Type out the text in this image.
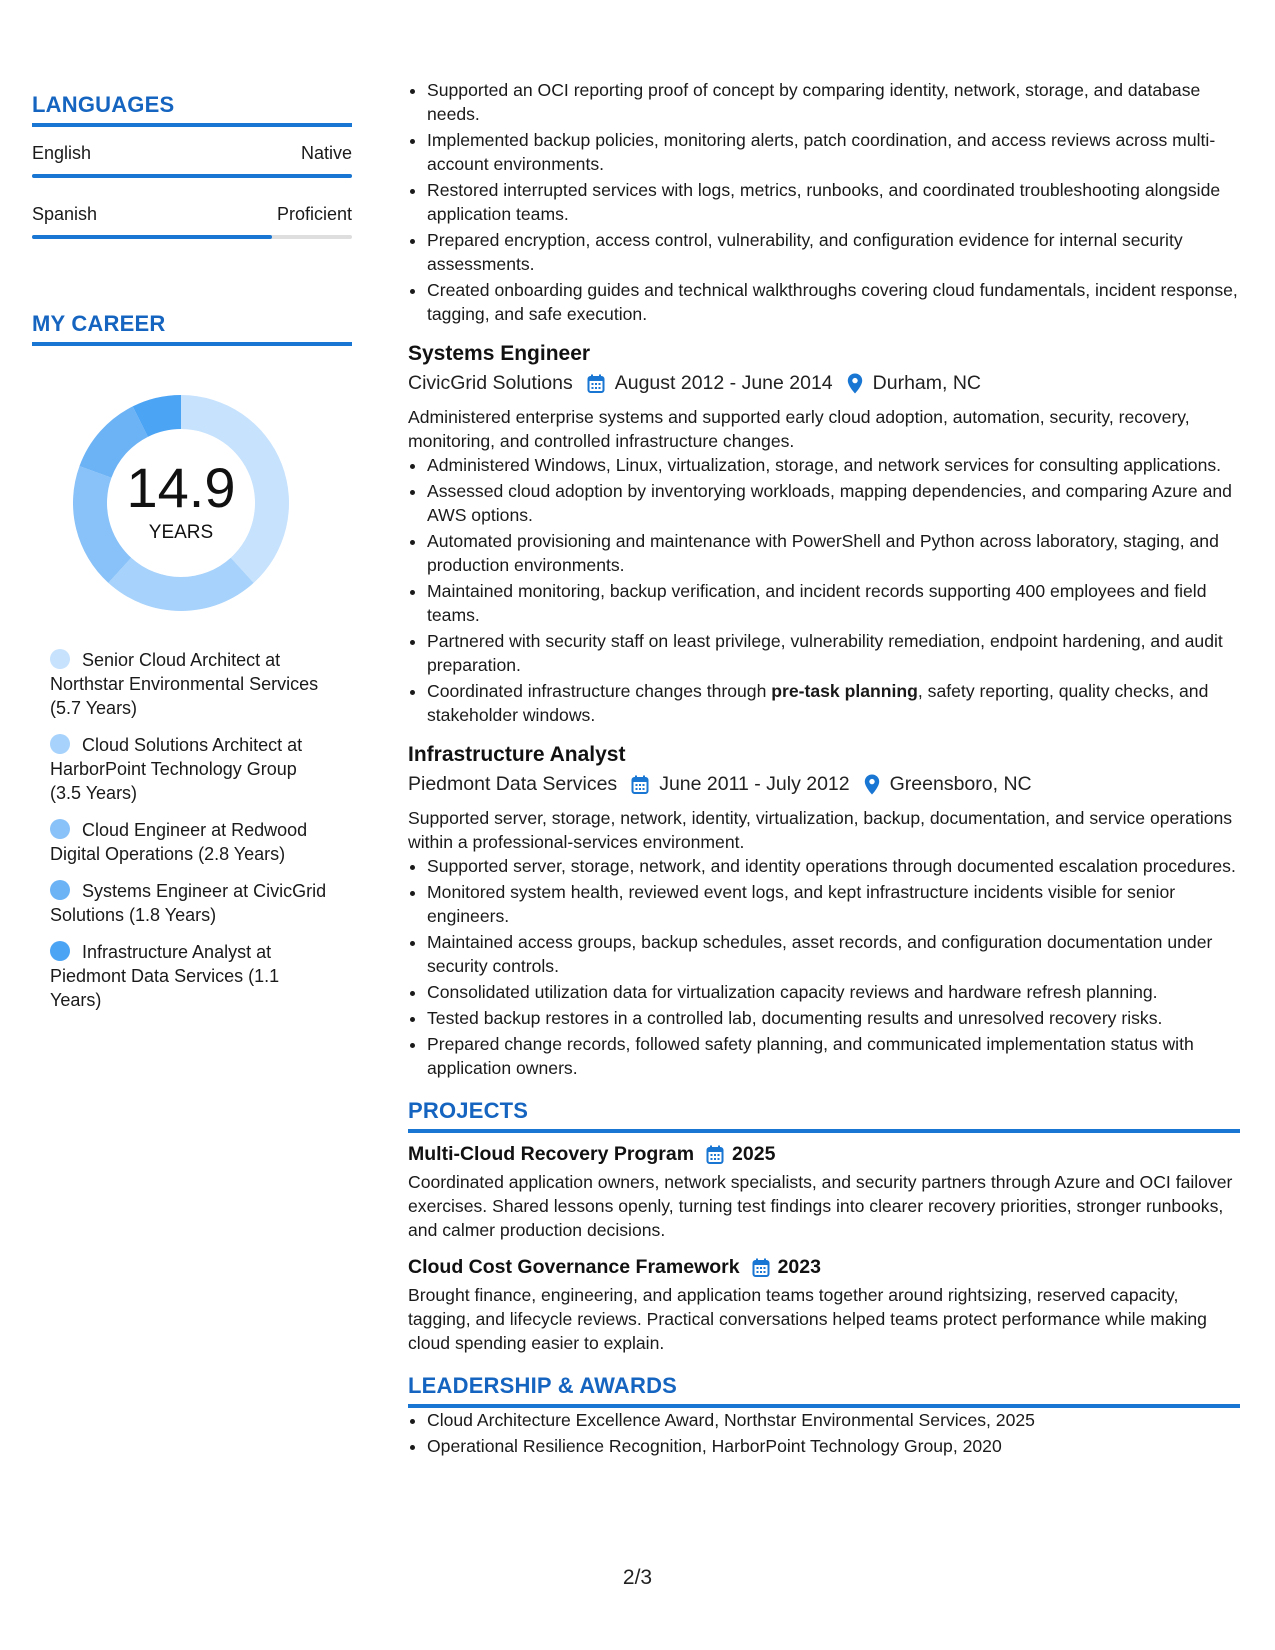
LANGUAGES
English	Native
Spanish	Proficient
MY CAREER
14.9
YEARS
Senior Cloud Architect at Northstar Environmental Services (5.7 Years)
Cloud Solutions Architect at HarborPoint Technology Group (3.5 Years)
Cloud Engineer at Redwood Digital Operations (2.8 Years)
Systems Engineer at CivicGrid Solutions (1.8 Years)
Infrastructure Analyst at Piedmont Data Services (1.1 Years)
• Supported an OCI reporting proof of concept by comparing identity, network, storage, and database needs.
• Implemented backup policies, monitoring alerts, patch coordination, and access reviews across multi-account environments.
• Restored interrupted services with logs, metrics, runbooks, and coordinated troubleshooting alongside application teams.
• Prepared encryption, access control, vulnerability, and configuration evidence for internal security assessments.
• Created onboarding guides and technical walkthroughs covering cloud fundamentals, incident response, tagging, and safe execution.
Systems Engineer
CivicGrid Solutions August 2012 - June 2014 Durham, NC
Administered enterprise systems and supported early cloud adoption, automation, security, recovery, monitoring, and controlled infrastructure changes.
• Administered Windows, Linux, virtualization, storage, and network services for consulting applications.
• Assessed cloud adoption by inventorying workloads, mapping dependencies, and comparing Azure and AWS options.
• Automated provisioning and maintenance with PowerShell and Python across laboratory, staging, and production environments.
• Maintained monitoring, backup verification, and incident records supporting 400 employees and field teams.
• Partnered with security staff on least privilege, vulnerability remediation, endpoint hardening, and audit preparation.
• Coordinated infrastructure changes through pre-task planning, safety reporting, quality checks, and stakeholder windows.
Infrastructure Analyst
Piedmont Data Services June 2011 - July 2012 Greensboro, NC
Supported server, storage, network, identity, virtualization, backup, documentation, and service operations within a professional-services environment.
• Supported server, storage, network, and identity operations through documented escalation procedures.
• Monitored system health, reviewed event logs, and kept infrastructure incidents visible for senior engineers.
• Maintained access groups, backup schedules, asset records, and configuration documentation under security controls.
• Consolidated utilization data for virtualization capacity reviews and hardware refresh planning.
• Tested backup restores in a controlled lab, documenting results and unresolved recovery risks.
• Prepared change records, followed safety planning, and communicated implementation status with application owners.
PROJECTS
Multi-Cloud Recovery Program 2025
Coordinated application owners, network specialists, and security partners through Azure and OCI failover exercises. Shared lessons openly, turning test findings into clearer recovery priorities, stronger runbooks, and calmer production decisions.
Cloud Cost Governance Framework 2023
Brought finance, engineering, and application teams together around rightsizing, reserved capacity, tagging, and lifecycle reviews. Practical conversations helped teams protect performance while making cloud spending easier to explain.
LEADERSHIP & AWARDS
• Cloud Architecture Excellence Award, Northstar Environmental Services, 2025
• Operational Resilience Recognition, HarborPoint Technology Group, 2020
2/3
